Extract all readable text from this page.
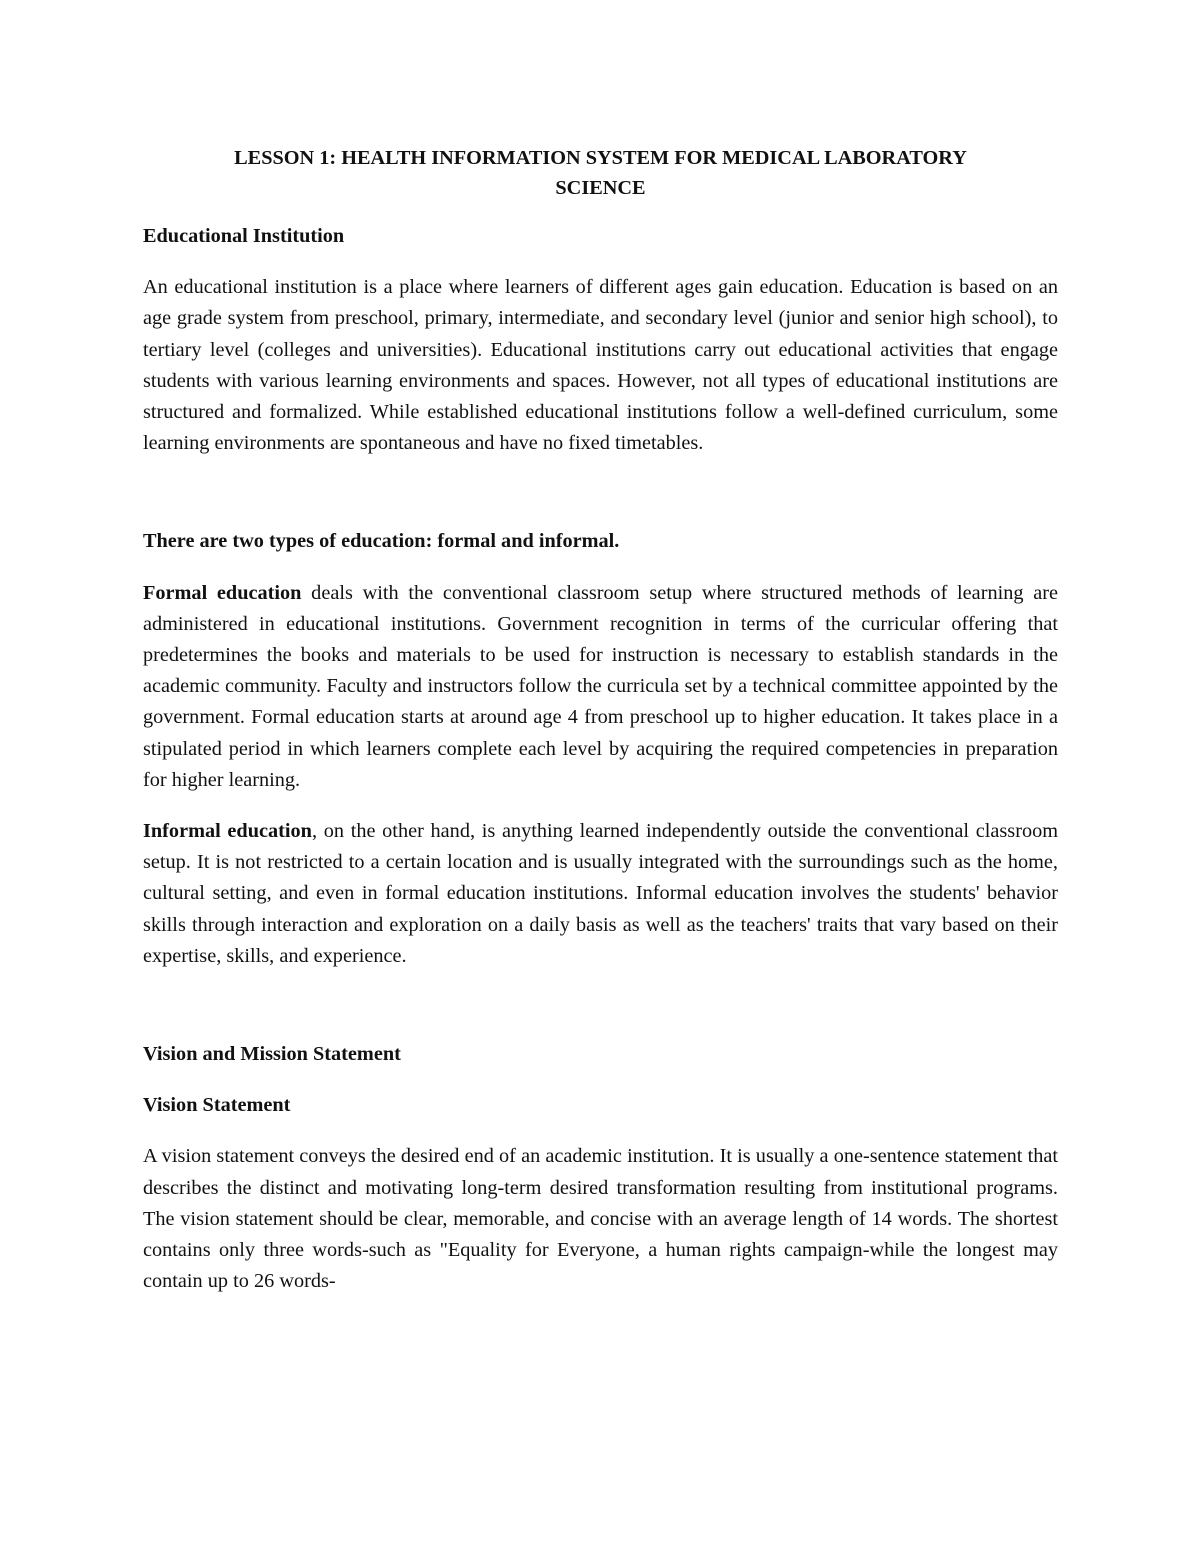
LESSON 1: HEALTH INFORMATION SYSTEM FOR MEDICAL LABORATORY
SCIENCE
Educational Institution
An educational institution is a place where learners of different ages gain education. Education is based on an age grade system from preschool, primary, intermediate, and secondary level (junior and senior high school), to tertiary level (colleges and universities). Educational institutions carry out educational activities that engage students with various learning environments and spaces. However, not all types of educational institutions are structured and formalized. While established educational institutions follow a well-defined curriculum, some learning environments are spontaneous and have no fixed timetables.
There are two types of education: formal and informal.
Formal education deals with the conventional classroom setup where structured methods of learning are administered in educational institutions. Government recognition in terms of the curricular offering that predetermines the books and materials to be used for instruction is necessary to establish standards in the academic community. Faculty and instructors follow the curricula set by a technical committee appointed by the government. Formal education starts at around age 4 from preschool up to higher education. It takes place in a stipulated period in which learners complete each level by acquiring the required competencies in preparation for higher learning.
Informal education, on the other hand, is anything learned independently outside the conventional classroom setup. It is not restricted to a certain location and is usually integrated with the surroundings such as the home, cultural setting, and even in formal education institutions. Informal education involves the students' behavior skills through interaction and exploration on a daily basis as well as the teachers' traits that vary based on their expertise, skills, and experience.
Vision and Mission Statement
Vision Statement
A vision statement conveys the desired end of an academic institution. It is usually a one-sentence statement that describes the distinct and motivating long-term desired transformation resulting from institutional programs. The vision statement should be clear, memorable, and concise with an average length of 14 words. The shortest contains only three words-such as "Equality for Everyone, a human rights campaign-while the longest may contain up to 26 words-
